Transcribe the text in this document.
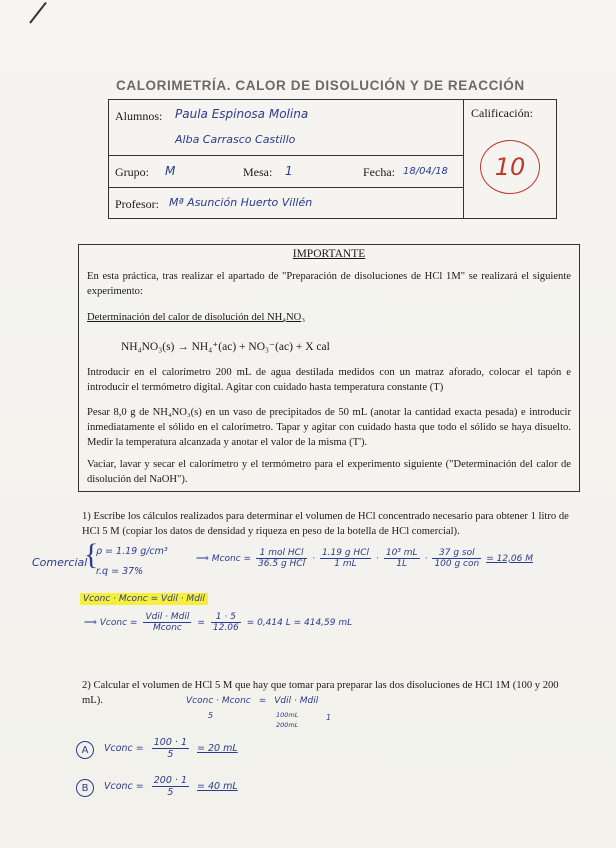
CALORIMETRÍA. CALOR DE DISOLUCIÓN Y DE REACCIÓN
Alumnos: Paula Espinosa Molina
Alba Carrasco Castillo
Grupo: M	Mesa: 1	Fecha: 18/04/18
Profesor: Mª Asunción Huerto Villén
Calificación:
10
IMPORTANTE
En esta práctica, tras realizar el apartado de "Preparación de disoluciones de HCl 1M" se realizará el siguiente experimento:
Determinación del calor de disolución del NH₄NO₃
NH₄NO₃(s) → NH₄⁺(ac) + NO₃⁻(ac) + X cal
Introducir en el calorímetro 200 mL de agua destilada medidos con un matraz aforado, colocar el tapón e introducir el termómetro digital. Agitar con cuidado hasta temperatura constante (T)
Pesar 8,0 g de NH₄NO₃(s) en un vaso de precipitados de 50 mL (anotar la cantidad exacta pesada) e introducir inmediatamente el sólido en el calorímetro. Tapar y agitar con cuidado hasta que todo el sólido se haya disuelto. Medir la temperatura alcanzada y anotar el valor de la misma (T').
Vaciar, lavar y secar el calorímetro y el termómetro para el experimento siguiente ("Determinación del calor de disolución del NaOH").
1) Escribe los cálculos realizados para determinar el volumen de HCl concentrado necesario para obtener 1 litro de HCl 5 M (copiar los datos de densidad y riqueza en peso de la botella de HCl comercial).
Comercial
{
ρ = 1.19 g/cm³
r.q = 37%
⟹ Mconc = $\frac{\text{1 mol HCl}}{\text{36.5 g HCl}} \cdot \frac{\text{1.19 g HCl}}{1 mL} \cdot \frac{\text{10³ mL}}{1L} \cdot \frac{\text{37 g sol}}{\text{100 g con}} = 12,06$ M
Vconc · Mconc = Vdil · Mdil
⟹ Vconc = $\frac{\text{Vdil · Mdil}}{\text{Mconc}} = \frac{1 \cdot 5}{12.06} = 0,414$ L = 414,59 mL
2) Calcular el volumen de HCl 5 M que hay que tomar para preparar las dos disoluciones de HCl 1M (100 y 200 mL).	Vconc · Mconc = Vdil · Mdil
5	100mL
200mL
1
A Vconc = $\frac{100 \cdot 1}{5} = 20$ mL
B Vconc = $\frac{200 \cdot 1}{5} = 40$ mL
